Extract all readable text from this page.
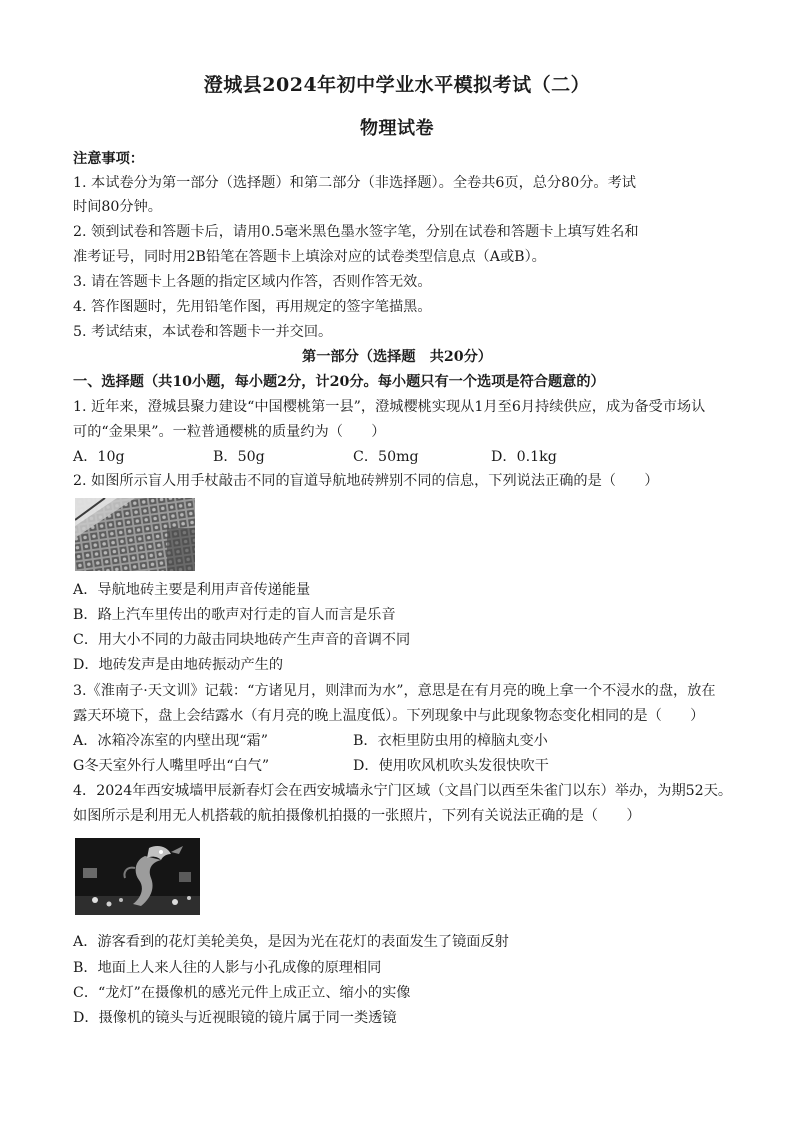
澄城县2024年初中学业水平模拟考试（二）
物理试卷
注意事项：
1. 本试卷分为第一部分（选择题）和第二部分（非选择题）。全卷共6页，总分80分。考试
时间80分钟。
2. 领到试卷和答题卡后，请用0.5毫米黑色墨水签字笔，分别在试卷和答题卡上填写姓名和
准考证号，同时用2B铅笔在答题卡上填涂对应的试卷类型信息点（A或B）。
3. 请在答题卡上各题的指定区域内作答，否则作答无效。
4. 答作图题时，先用铅笔作图，再用规定的签字笔描黑。
5. 考试结束，本试卷和答题卡一并交回。
第一部分（选择题　共20分）
一、选择题（共10小题，每小题2分，计20分。每小题只有一个选项是符合题意的）
1. 近年来，澄城县聚力建设“中国樱桃第一县”，澄城樱桃实现从1月至6月持续供应，成为备受市场认
可的“金果果”。一粒普通樱桃的质量约为（　　）
A．10g	B．50g	C．50mg	D．0.1kg
2. 如图所示盲人用手杖敲击不同的盲道导航地砖辨别不同的信息，下列说法正确的是（　　）
A．导航地砖主要是利用声音传递能量
B．路上汽车里传出的歌声对行走的盲人而言是乐音
C．用大小不同的力敲击同块地砖产生声音的音调不同
D．地砖发声是由地砖振动产生的
3.《淮南子·天文训》记载：“方诸见月，则津而为水”，意思是在有月亮的晚上拿一个不浸水的盘，放在
露天环境下，盘上会结露水（有月亮的晚上温度低）。下列现象中与此现象物态变化相同的是（　　）
A．冰箱冷冻室的内壁出现“霜”	B．衣柜里防虫用的樟脑丸变小
G冬天室外行人嘴里呼出“白气”	D．使用吹风机吹头发很快吹干
4．2024年西安城墙甲辰新春灯会在西安城墙永宁门区域（文昌门以西至朱雀门以东）举办，为期52天。
如图所示是利用无人机搭载的航拍摄像机拍摄的一张照片，下列有关说法正确的是（　　）
A．游客看到的花灯美轮美奂，是因为光在花灯的表面发生了镜面反射
B．地面上人来人往的人影与小孔成像的原理相同
C．“龙灯”在摄像机的感光元件上成正立、缩小的实像
D．摄像机的镜头与近视眼镜的镜片属于同一类透镜
